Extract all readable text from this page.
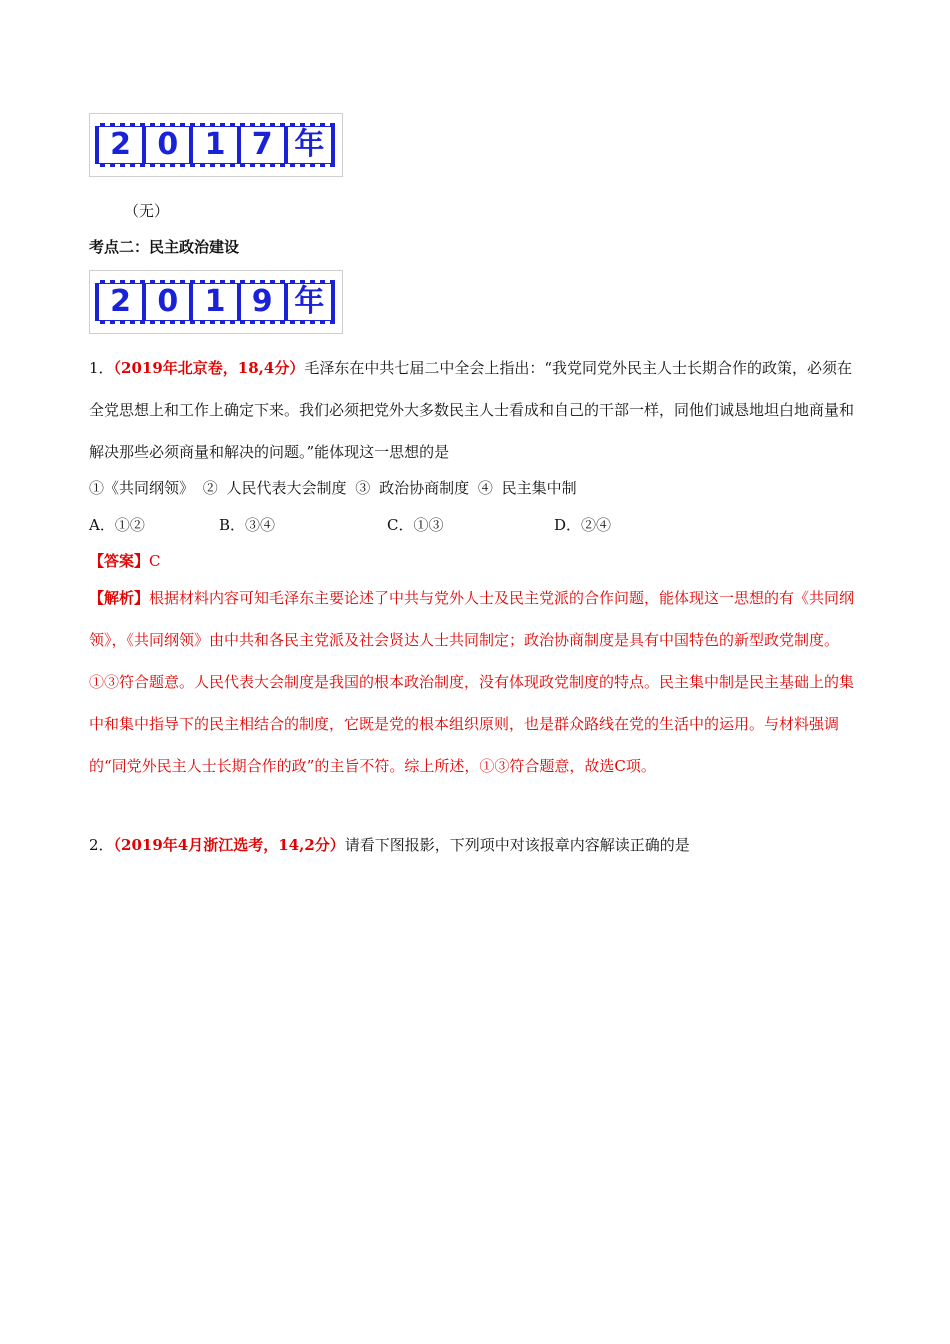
2 0 1 7 年
（无）
考点二：民主政治建设
2 0 1 9 年
1．（2019年北京卷，18,4分）毛泽东在中共七届二中全会上指出：“我党同党外民主人士长期合作的政策，必须在全党思想上和工作上确定下来。我们必须把党外大多数民主人士看成和自己的干部一样，同他们诚恳地坦白地商量和解决那些必须商量和解决的问题。”能体现这一思想的是
①《共同纲领》 ② 人民代表大会制度 ③ 政治协商制度 ④ 民主集中制
A．①②	B．③④	C．①③	D．②④
【答案】C
【解析】根据材料内容可知毛泽东主要论述了中共与党外人士及民主党派的合作问题，能体现这一思想的有《共同纲领》，《共同纲领》由中共和各民主党派及社会贤达人士共同制定；政治协商制度是具有中国特色的新型政党制度。①③符合题意。人民代表大会制度是我国的根本政治制度，没有体现政党制度的特点。民主集中制是民主基础上的集中和集中指导下的民主相结合的制度，它既是党的根本组织原则，也是群众路线在党的生活中的运用。与材料强调的“同党外民主人士长期合作的政”的主旨不符。综上所述，①③符合题意，故选C项。
2．（2019年4月浙江选考，14,2分）请看下图报影，下列项中对该报章内容解读正确的是
